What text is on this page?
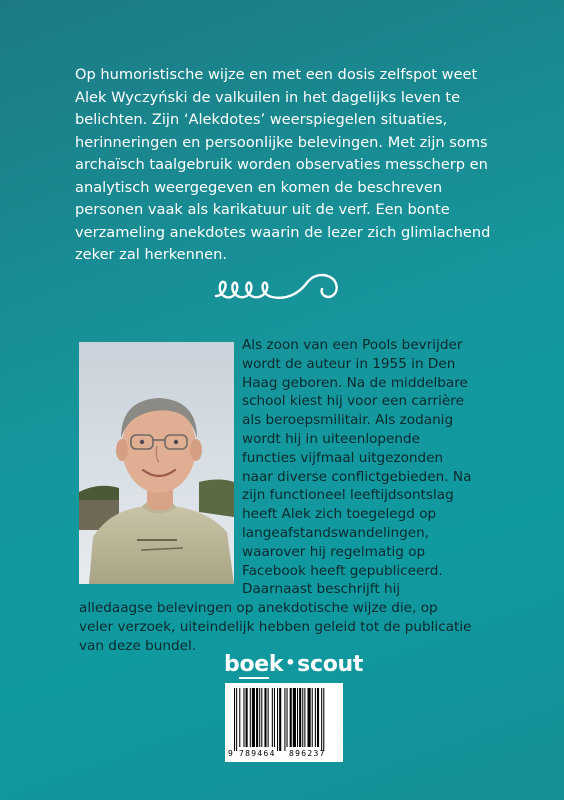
Op humoristische wijze en met een dosis zelfspot weet Alek Wyczyński de valkuilen in het dagelijks leven te belichten. Zijn ‘Alekdotes’ weerspiegelen situaties, herinneringen en persoonlijke belevingen. Met zijn soms archaïsch taalgebruik worden observaties messcherp en analytisch weergegeven en komen de beschreven personen vaak als karikatuur uit de verf. Een bonte verzameling anekdotes waarin de lezer zich glimlachend zeker zal herkennen.

Als zoon van een Pools bevrijder wordt de auteur in 1955 in Den Haag geboren. Na de middelbare school kiest hij voor een carrière als beroepsmilitair. Als zodanig wordt hij in uiteenlopende functies vijfmaal uitgezonden naar diverse conflictgebieden. Na zijn functioneel leeftijdsontslag heeft Alek zich toegelegd op langeafstandswandelingen, waarover hij regelmatig op Facebook heeft gepubliceerd. Daarnaast beschrijft hij alledaagse belevingen op anekdotische wijze die, op veler verzoek, uiteindelijk hebben geleid tot de publicatie van deze bundel.

boek •scout
9 789464 896237
